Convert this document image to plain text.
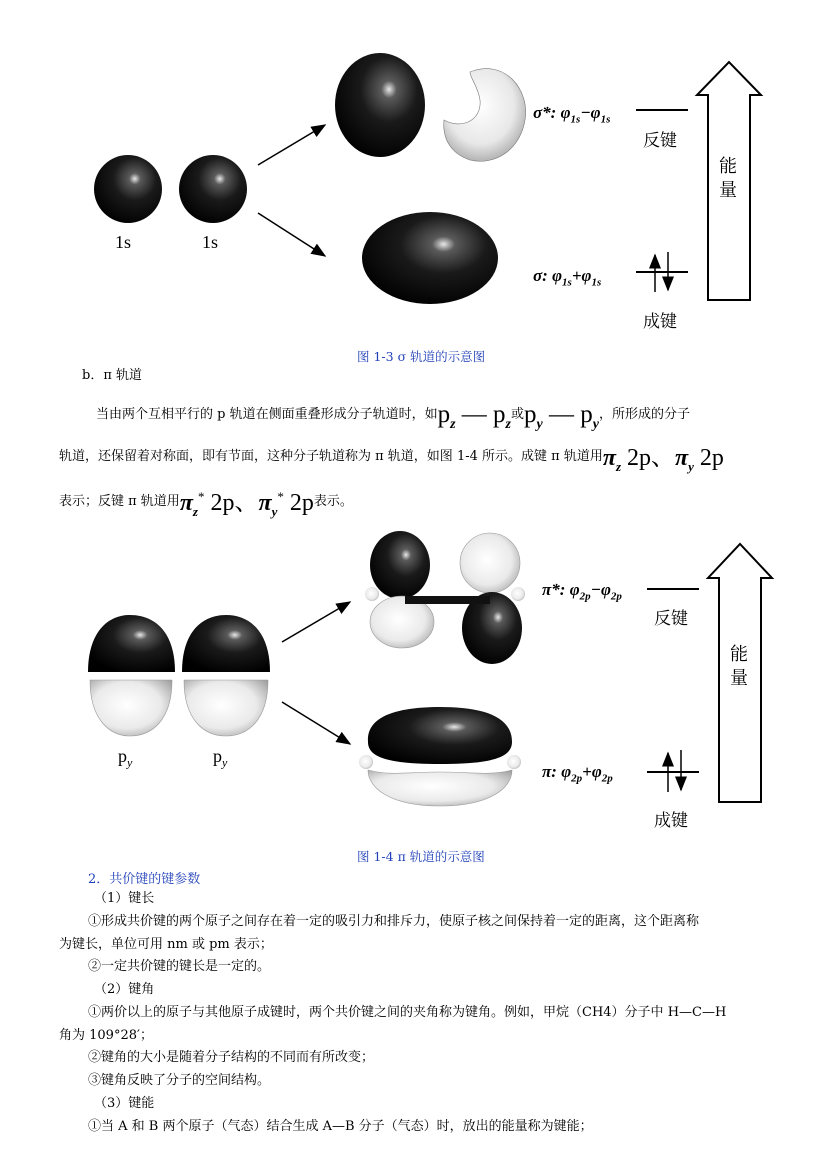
1s	1s
σ*: $\varphi_{1s}-\varphi_{1s}$
反键
σ: $\varphi_{1s}+\varphi_{1s}$
成键
能
量
图 1-3 σ 轨道的示意图
b．π 轨道
当由两个互相平行的 p 轨道在侧面重叠形成分子轨道时，如$p_z$ — $p_z$或$p_y$ — $p_y$，所形成的分子
轨道，还保留着对称面，即有节面，这种分子轨道称为 π 轨道，如图 1-4 所示。成键 π 轨道用$\pi_z$ 2p、$\pi_y$ 2p
表示；反键 π 轨道用$\pi_z^*$ 2p、$\pi_y^*$ 2p表示。
$p_y$	$p_y$
π*: $\varphi_{2p}-\varphi_{2p}$
反键
π: $\varphi_{2p}+\varphi_{2p}$
成键
能
量
图 1-4 π 轨道的示意图
2．共价键的键参数
（1）键长
①形成共价键的两个原子之间存在着一定的吸引力和排斥力，使原子核之间保持着一定的距离，这个距离称
为键长，单位可用 nm 或 pm 表示；
②一定共价键的键长是一定的。
（2）键角
①两价以上的原子与其他原子成键时，两个共价键之间的夹角称为键角。例如，甲烷（CH4）分子中 H—C—H
角为 109°28′；
②键角的大小是随着分子结构的不同而有所改变；
③键角反映了分子的空间结构。
（3）键能
①当 A 和 B 两个原子（气态）结合生成 A—B 分子（气态）时，放出的能量称为键能；
